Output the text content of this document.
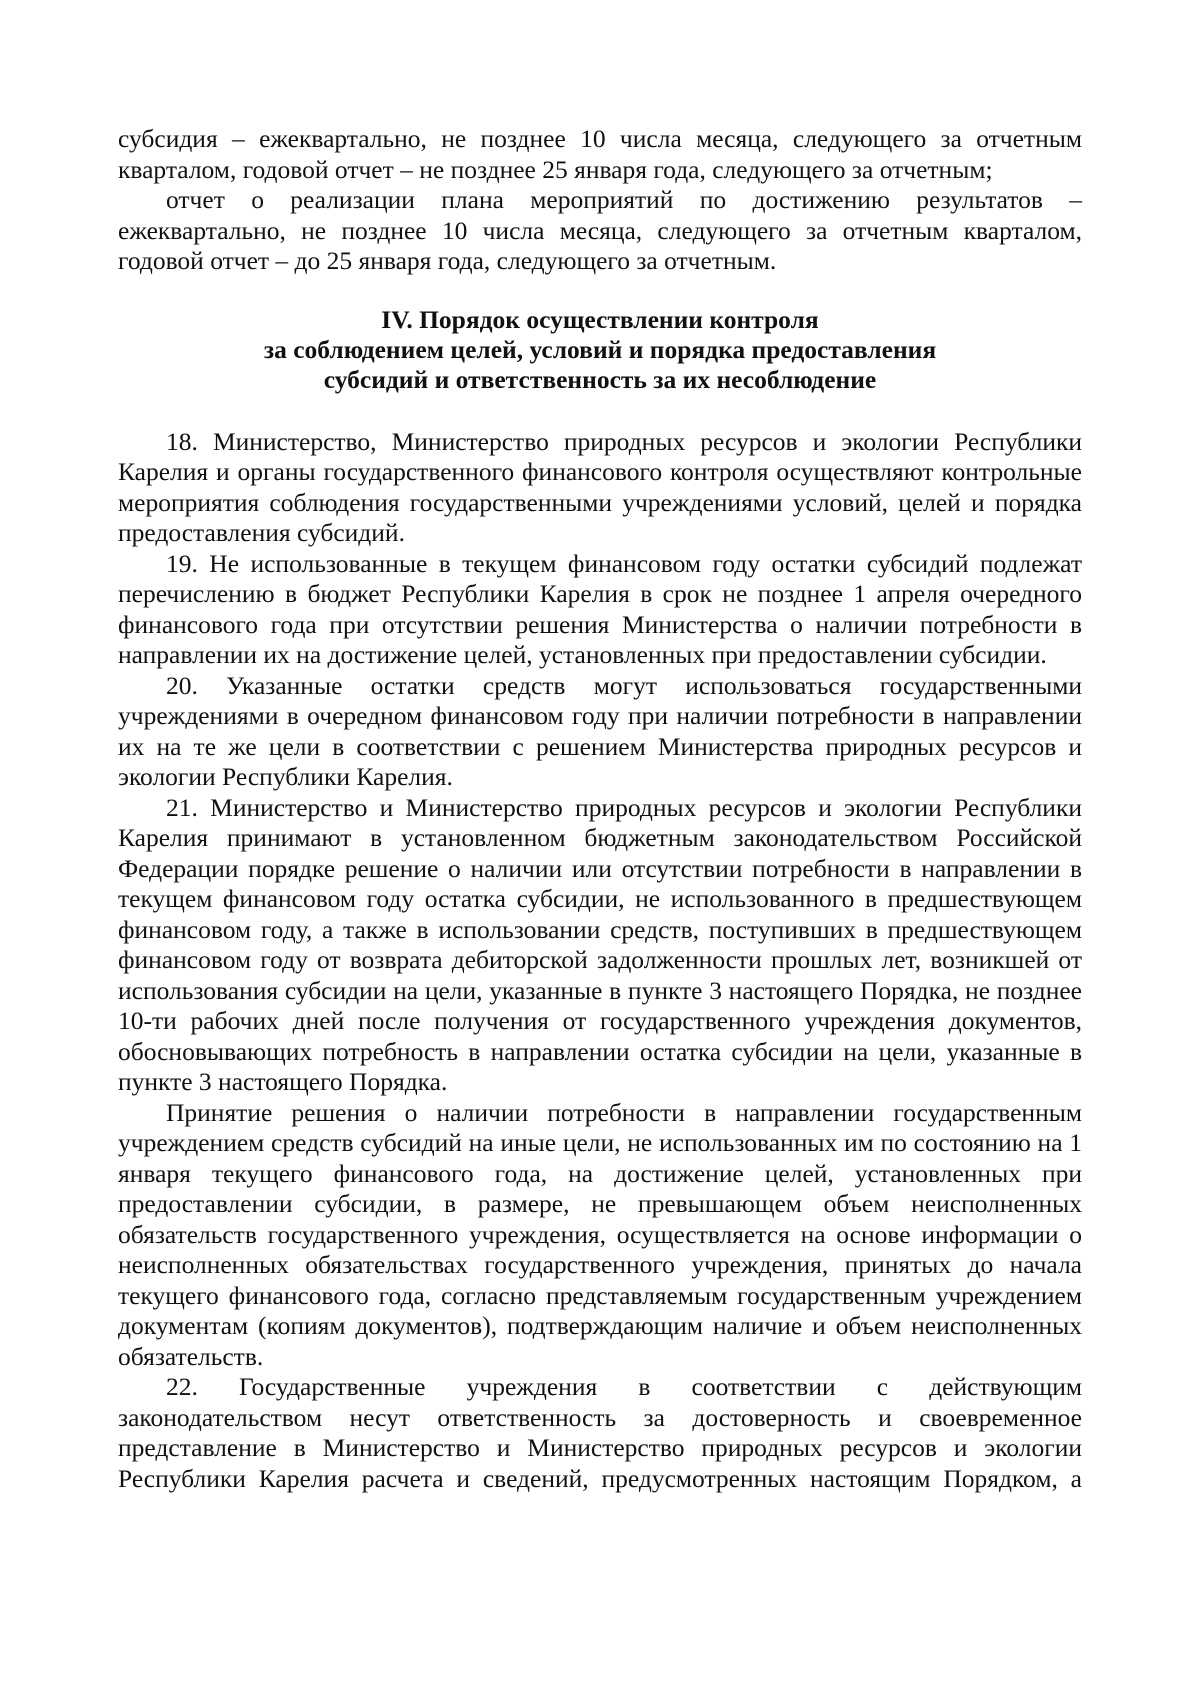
субсидия – ежеквартально, не позднее 10 числа месяца, следующего за отчетным кварталом, годовой отчет – не позднее 25 января года, следующего за отчетным;

отчет о реализации плана мероприятий по достижению результатов – ежеквартально, не позднее 10 числа месяца, следующего за отчетным кварталом, годовой отчет – до 25 января года, следующего за отчетным.

IV. Порядок осуществлении контроля
за соблюдением целей, условий и порядка предоставления
субсидий и ответственность за их несоблюдение

18. Министерство, Министерство природных ресурсов и экологии Республики Карелия и органы государственного финансового контроля осуществляют контрольные мероприятия соблюдения государственными учреждениями условий, целей и порядка предоставления субсидий.

19. Не использованные в текущем финансовом году остатки субсидий подлежат перечислению в бюджет Республики Карелия в срок не позднее 1 апреля очередного финансового года при отсутствии решения Министерства о наличии потребности в направлении их на достижение целей, установленных при предоставлении субсидии.

20. Указанные остатки средств могут использоваться государственными учреждениями в очередном финансовом году при наличии потребности в направлении их на те же цели в соответствии с решением Министерства природных ресурсов и экологии Республики Карелия.

21. Министерство и Министерство природных ресурсов и экологии Республики Карелия принимают в установленном бюджетным законодательством Российской Федерации порядке решение о наличии или отсутствии потребности в направлении в текущем финансовом году остатка субсидии, не использованного в предшествующем финансовом году, а также в использовании средств, поступивших в предшествующем финансовом году от возврата дебиторской задолженности прошлых лет, возникшей от использования субсидии на цели, указанные в пункте 3 настоящего Порядка, не позднее 10-ти рабочих дней после получения от государственного учреждения документов, обосновывающих потребность в направлении остатка субсидии на цели, указанные в пункте 3 настоящего Порядка.

Принятие решения о наличии потребности в направлении государственным учреждением средств субсидий на иные цели, не использованных им по состоянию на 1 января текущего финансового года, на достижение целей, установленных при предоставлении субсидии, в размере, не превышающем объем неисполненных обязательств государственного учреждения, осуществляется на основе информации о неисполненных обязательствах государственного учреждения, принятых до начала текущего финансового года, согласно представляемым государственным учреждением документам (копиям документов), подтверждающим наличие и объем неисполненных обязательств.

22. Государственные учреждения в соответствии с действующим законодательством несут ответственность за достоверность и своевременное представление в Министерство и Министерство природных ресурсов и экологии Республики Карелия расчета и сведений, предусмотренных настоящим Порядком, а
